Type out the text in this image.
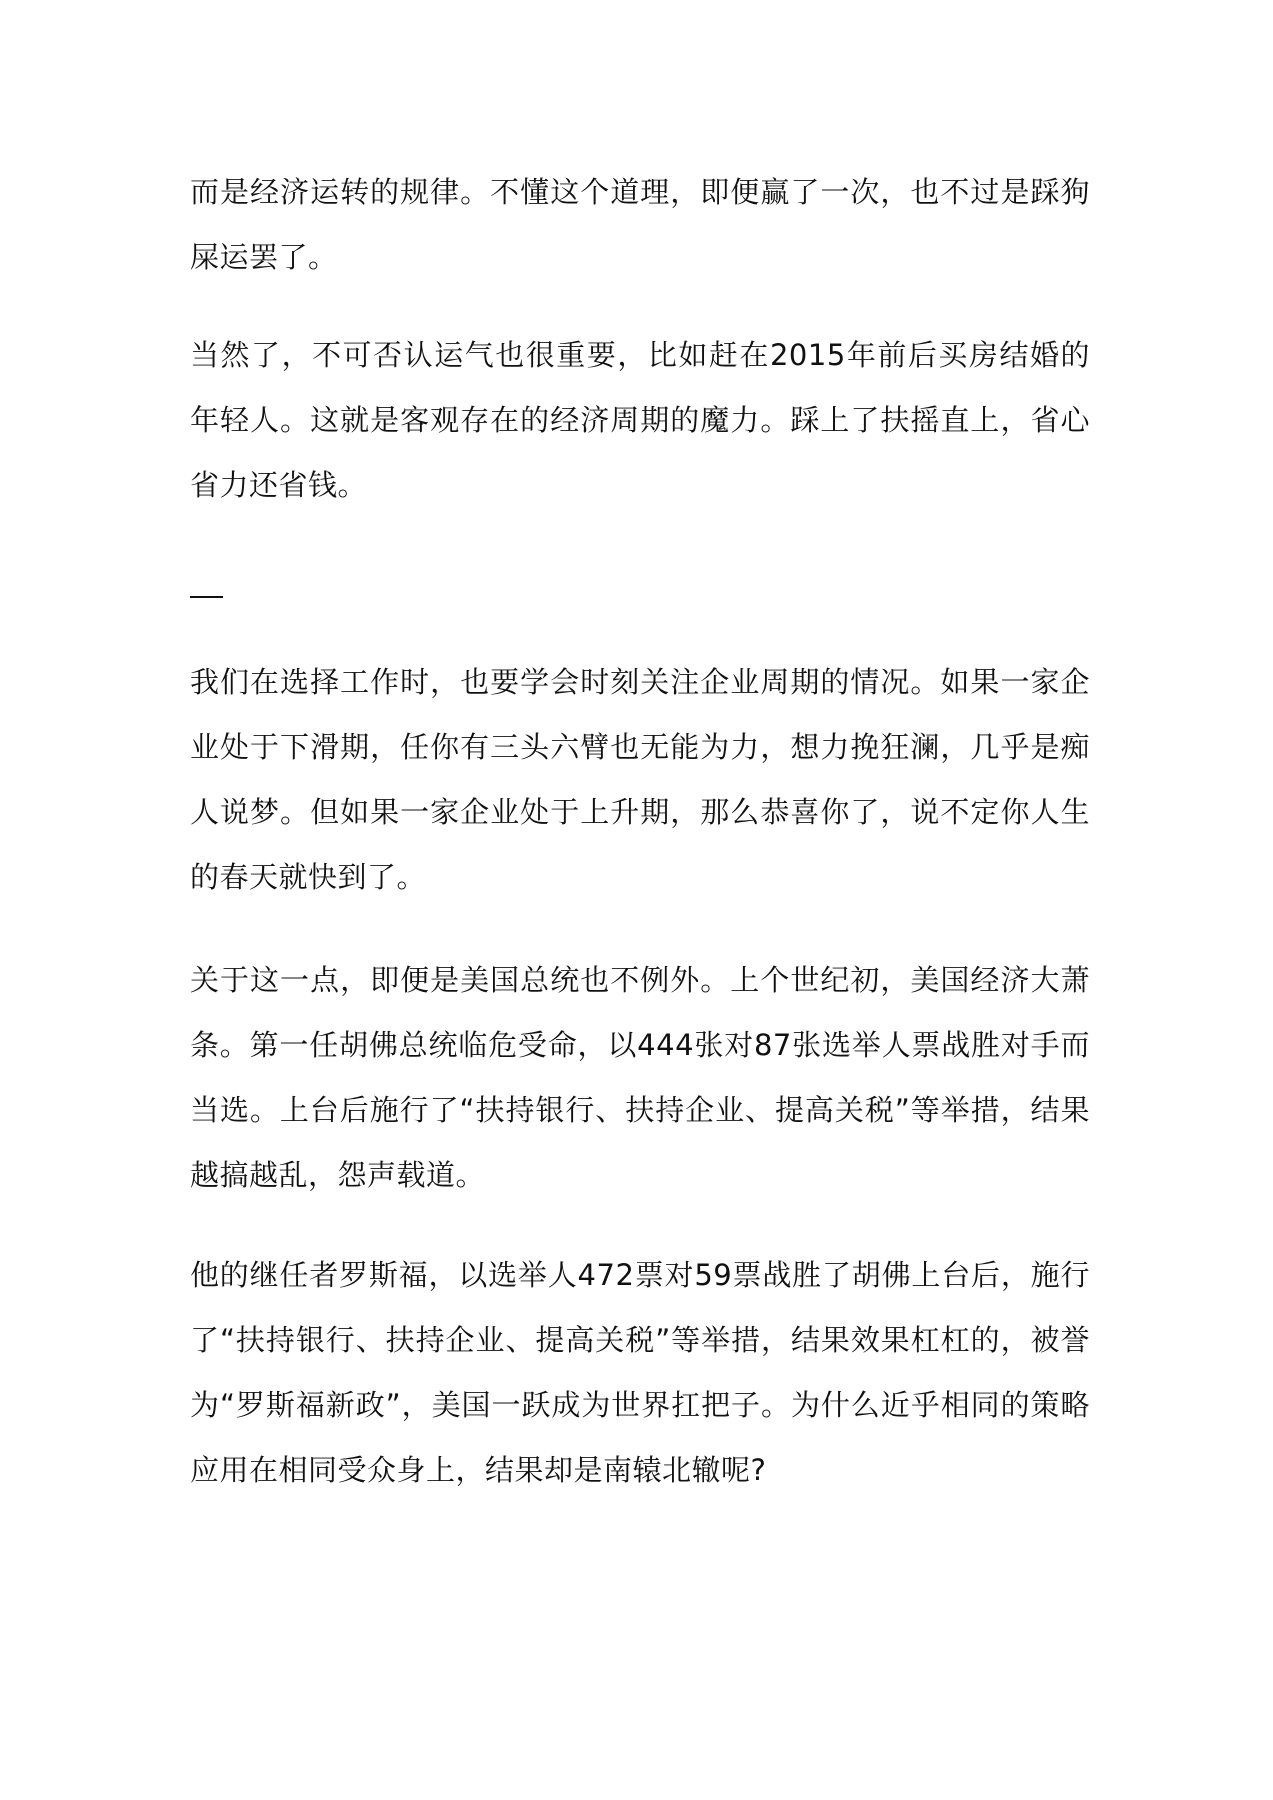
而是经济运转的规律。不懂这个道理，即便赢了一次，也不过是踩狗屎运罢了。

当然了，不可否认运气也很重要，比如赶在2015年前后买房结婚的年轻人。这就是客观存在的经济周期的魔力。踩上了扶摇直上，省心省力还省钱。

我们在选择工作时，也要学会时刻关注企业周期的情况。如果一家企业处于下滑期，任你有三头六臂也无能为力，想力挽狂澜，几乎是痴人说梦。但如果一家企业处于上升期，那么恭喜你了，说不定你人生的春天就快到了。

关于这一点，即便是美国总统也不例外。上个世纪初，美国经济大萧条。第一任胡佛总统临危受命，以444张对87张选举人票战胜对手而当选。上台后施行了“扶持银行、扶持企业、提高关税”等举措，结果越搞越乱，怨声载道。

他的继任者罗斯福，以选举人472票对59票战胜了胡佛上台后，施行了“扶持银行、扶持企业、提高关税”等举措，结果效果杠杠的，被誉为“罗斯福新政”，美国一跃成为世界扛把子。为什么近乎相同的策略应用在相同受众身上，结果却是南辕北辙呢?
